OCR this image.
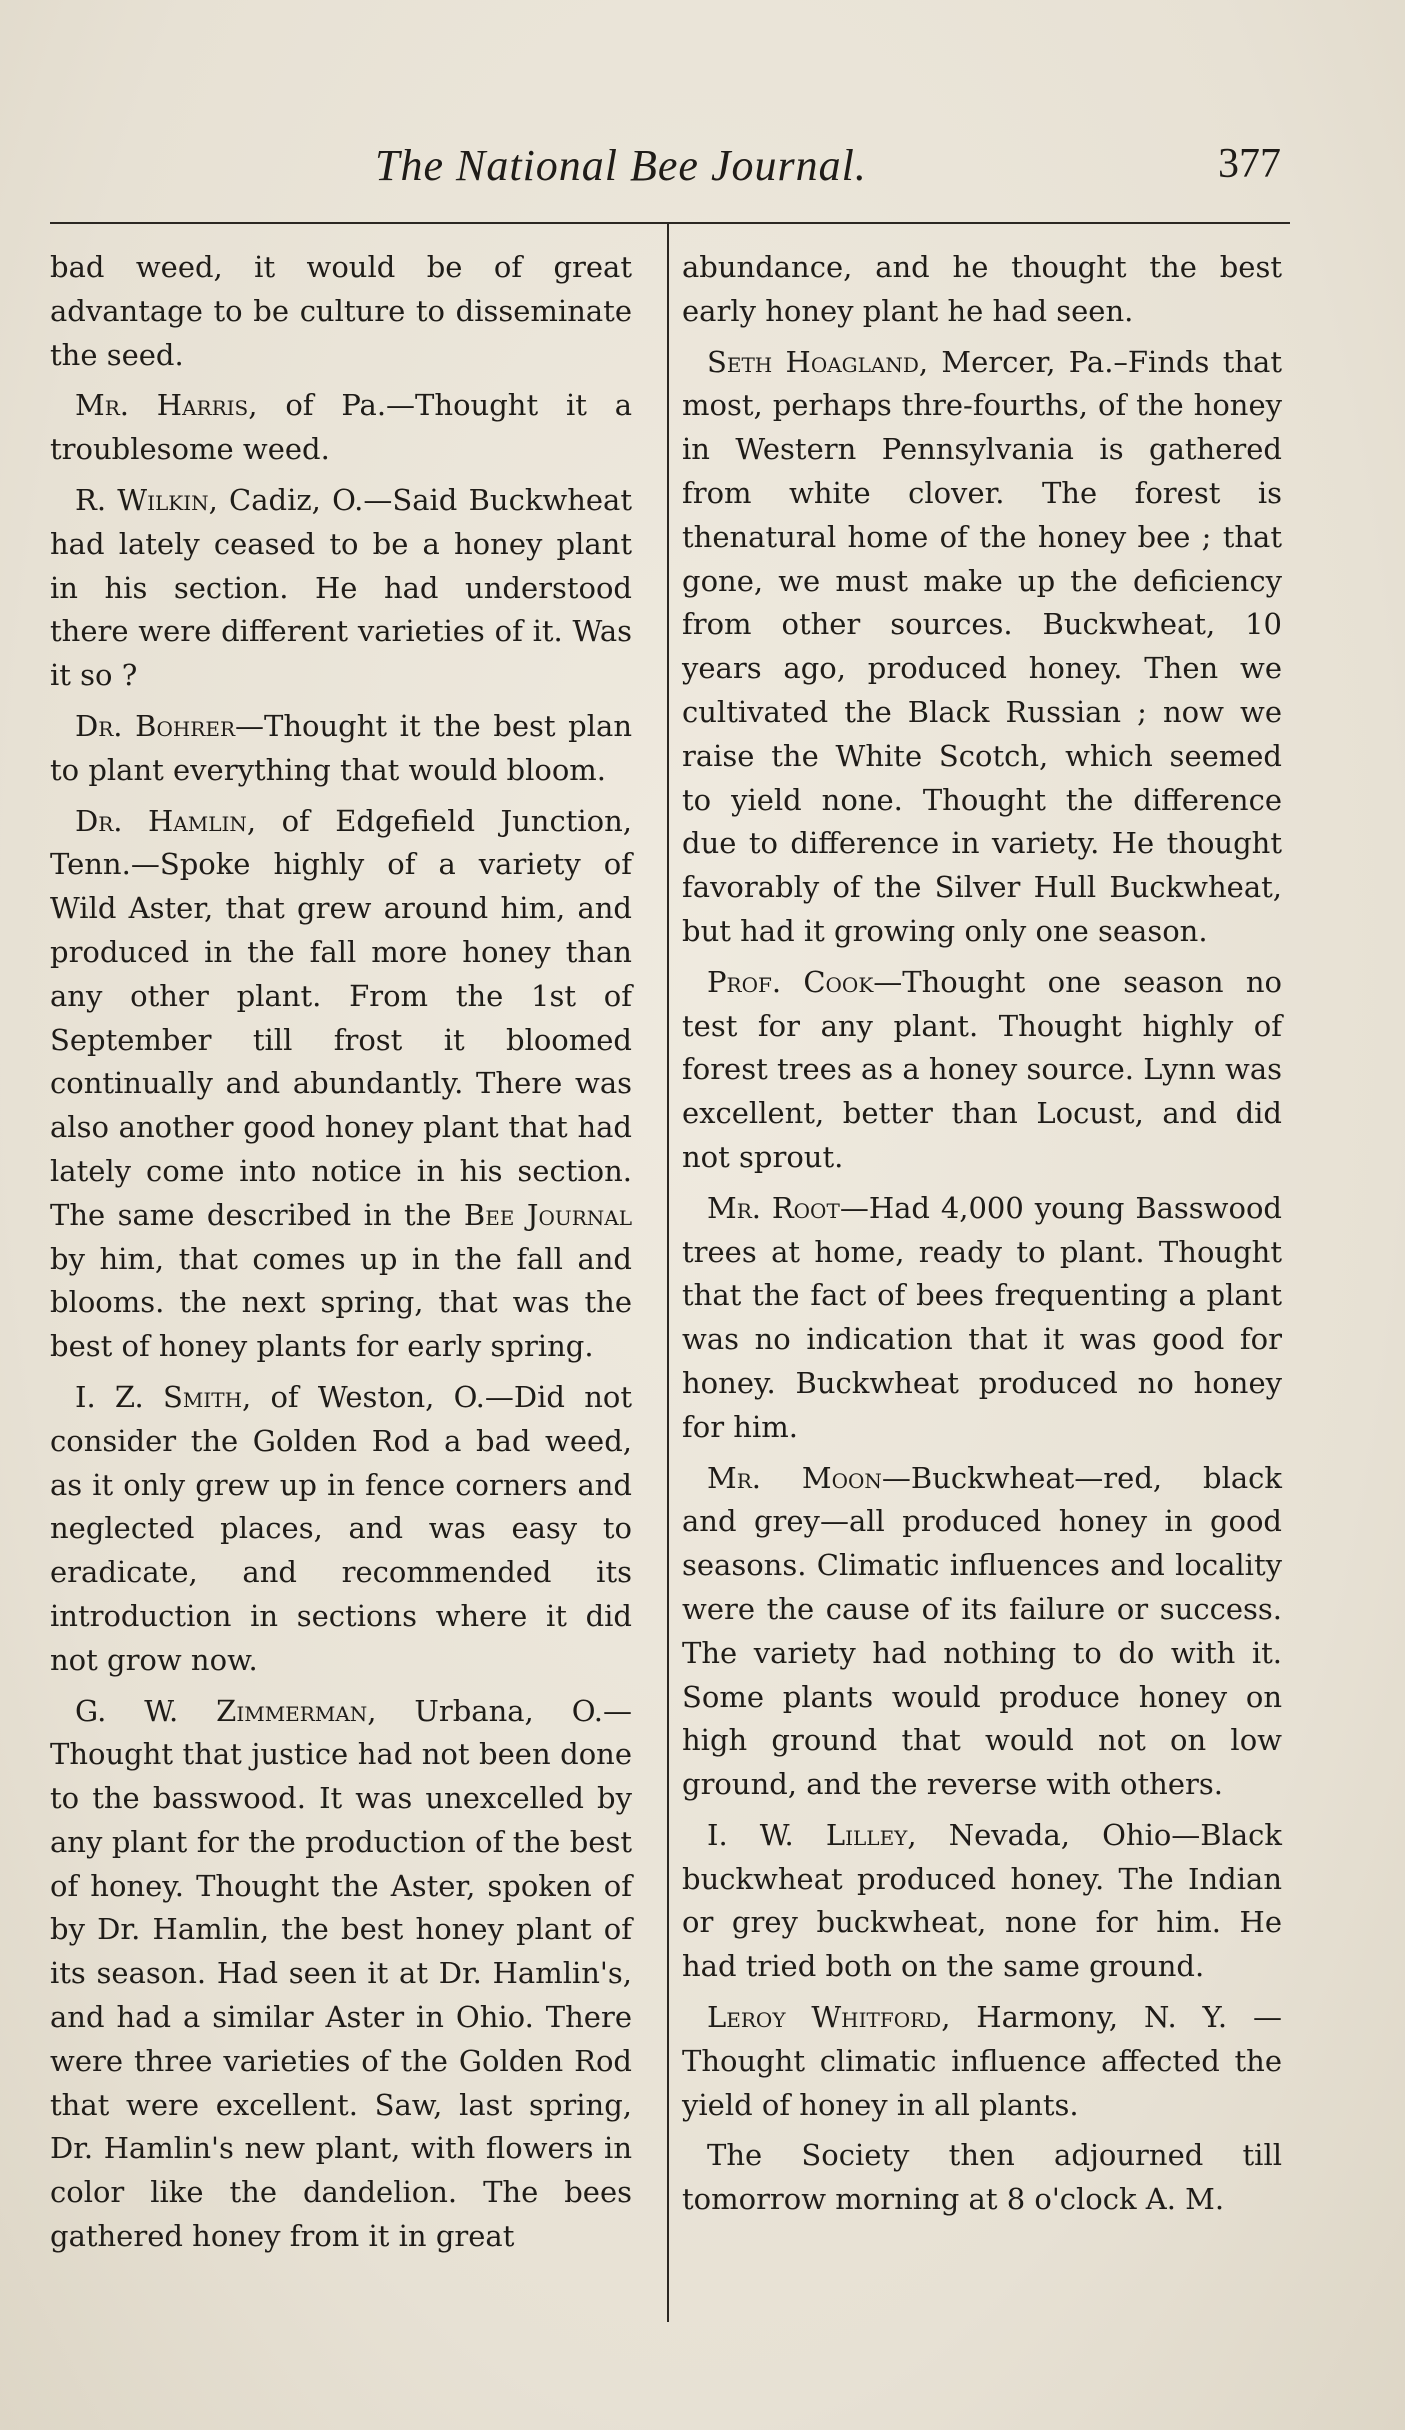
The National Bee Journal.	377

bad weed, it would be of great advantage to be culture to disseminate the seed.

Mr. Harris, of Pa.—Thought it a troublesome weed.

R. Wilkin, Cadiz, O.—Said Buckwheat had lately ceased to be a honey plant in his section. He had understood there were different varieties of it. Was it so ?

Dr. Bohrer—Thought it the best plan to plant everything that would bloom.

Dr. Hamlin, of Edgefield Junction, Tenn.—Spoke highly of a variety of Wild Aster, that grew around him, and produced in the fall more honey than any other plant. From the 1st of September till frost it bloomed continually and abundantly. There was also another good honey plant that had lately come into notice in his section. The same described in the Bee Journal by him, that comes up in the fall and blooms. the next spring, that was the best of honey plants for early spring.

I. Z. Smith, of Weston, O.—Did not consider the Golden Rod a bad weed, as it only grew up in fence corners and neglected places, and was easy to eradicate, and recommended its introduction in sections where it did not grow now.

G. W. Zimmerman, Urbana, O.—Thought that justice had not been done to the basswood. It was unexcelled by any plant for the production of the best of honey. Thought the Aster, spoken of by Dr. Hamlin, the best honey plant of its season. Had seen it at Dr. Hamlin's, and had a similar Aster in Ohio. There were three varieties of the Golden Rod that were excellent. Saw, last spring, Dr. Hamlin's new plant, with flowers in color like the dandelion. The bees gathered honey from it in great

abundance, and he thought the best early honey plant he had seen.

Seth Hoagland, Mercer, Pa.–Finds that most, perhaps thre-fourths, of the honey in Western Pennsylvania is gathered from white clover. The forest is thenatural home of the honey bee ; that gone, we must make up the deficiency from other sources. Buckwheat, 10 years ago, produced honey. Then we cultivated the Black Russian ; now we raise the White Scotch, which seemed to yield none. Thought the difference due to difference in variety. He thought favorably of the Silver Hull Buckwheat, but had it growing only one season.

Prof. Cook—Thought one season no test for any plant. Thought highly of forest trees as a honey source. Lynn was excellent, better than Locust, and did not sprout.

Mr. Root—Had 4,000 young Basswood trees at home, ready to plant. Thought that the fact of bees frequenting a plant was no indication that it was good for honey. Buckwheat produced no honey for him.

Mr. Moon—Buckwheat—red, black and grey—all produced honey in good seasons. Climatic influences and locality were the cause of its failure or success. The variety had nothing to do with it. Some plants would produce honey on high ground that would not on low ground, and the reverse with others.

I. W. Lilley, Nevada, Ohio—Black buckwheat produced honey. The Indian or grey buckwheat, none for him. He had tried both on the same ground.

Leroy Whitford, Harmony, N. Y. —Thought climatic influence affected the yield of honey in all plants.

The Society then adjourned till tomorrow morning at 8 o'clock A. M.
